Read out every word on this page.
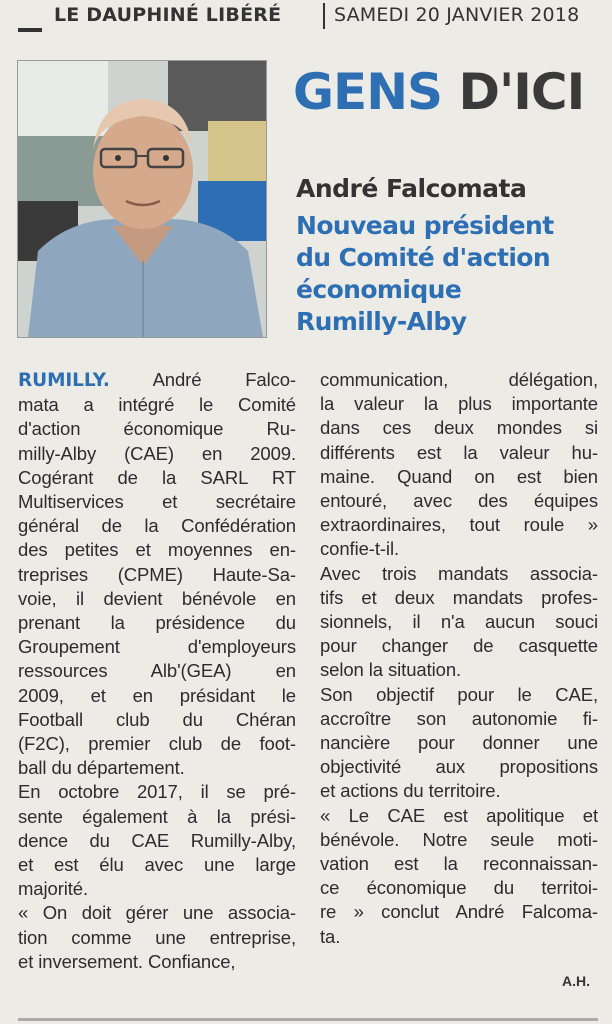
LE DAUPHINÉ LIBÉRÉ	SAMEDI 20 JANVIER 2018
GENS D'ICI
André Falcomata
Nouveau président
du Comité d'action
économique
Rumilly-Alby
RUMILLY. André Falco-
mata a intégré le Comité
d'action économique Ru-
milly-Alby (CAE) en 2009.
Cogérant de la SARL RT
Multiservices et secrétaire
général de la Confédération
des petites et moyennes en-
treprises (CPME) Haute-Sa-
voie, il devient bénévole en
prenant la présidence du
Groupement d'employeurs
ressources Alb'(GEA) en
2009, et en présidant le
Football club du Chéran
(F2C), premier club de foot-
ball du département.
En octobre 2017, il se pré-
sente également à la prési-
dence du CAE Rumilly-Alby,
et est élu avec une large
majorité.
« On doit gérer une associa-
tion comme une entreprise,
et inversement. Confiance,
communication, délégation,
la valeur la plus importante
dans ces deux mondes si
différents est la valeur hu-
maine. Quand on est bien
entouré, avec des équipes
extraordinaires, tout roule »
confie-t-il.
Avec trois mandats associa-
tifs et deux mandats profes-
sionnels, il n'a aucun souci
pour changer de casquette
selon la situation.
Son objectif pour le CAE,
accroître son autonomie fi-
nancière pour donner une
objectivité aux propositions
et actions du territoire.
« Le CAE est apolitique et
bénévole. Notre seule moti-
vation est la reconnaissan-
ce économique du territoi-
re » conclut André Falcoma-
ta.
A.H.
